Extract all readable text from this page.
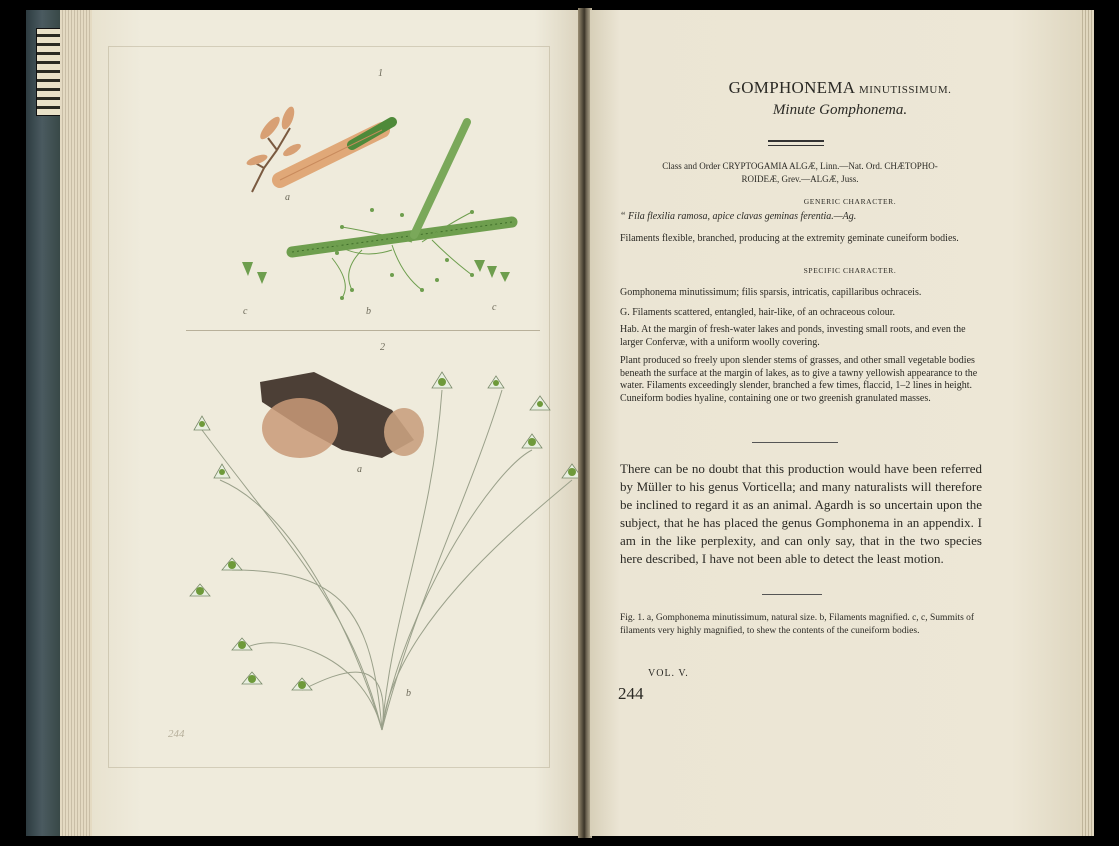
1
a
b
c	c
2
a
b
244
GOMPHONEMA MINUTISSIMUM.
Minute Gomphonema.
Class and Order CRYPTOGAMIA ALGÆ, Linn.—Nat. Ord. CHÆTOPHO-
ROIDEÆ, Grev.—ALGÆ, Juss.
GENERIC CHARACTER.
“ Fila flexilia ramosa, apice clavas geminas ferentia.—Ag.
Filaments flexible, branched, producing at the extremity geminate cuneiform bodies.
SPECIFIC CHARACTER.
Gomphonema minutissimum; filis sparsis, intricatis, capillaribus ochraceis.
G. Filaments scattered, entangled, hair-like, of an ochraceous colour.
Hab. At the margin of fresh-water lakes and ponds, investing small roots, and even the larger Confervæ, with a uniform woolly covering.
Plant produced so freely upon slender stems of grasses, and other small vegetable bodies beneath the surface at the margin of lakes, as to give a tawny yellowish appearance to the water. Filaments exceedingly slender, branched a few times, flaccid, 1–2 lines in height. Cuneiform bodies hyaline, containing one or two greenish granulated masses.
There can be no doubt that this production would have been referred by Müller to his genus Vorticella; and many naturalists will therefore be inclined to regard it as an animal. Agardh is so uncertain upon the subject, that he has placed the genus Gomphonema in an appendix. I am in the like perplexity, and can only say, that in the two species here described, I have not been able to detect the least motion.
Fig. 1. a, Gomphonema minutissimum, natural size. b, Filaments magnified. c, c, Summits of filaments very highly magnified, to shew the contents of the cuneiform bodies.
VOL. V.
244
